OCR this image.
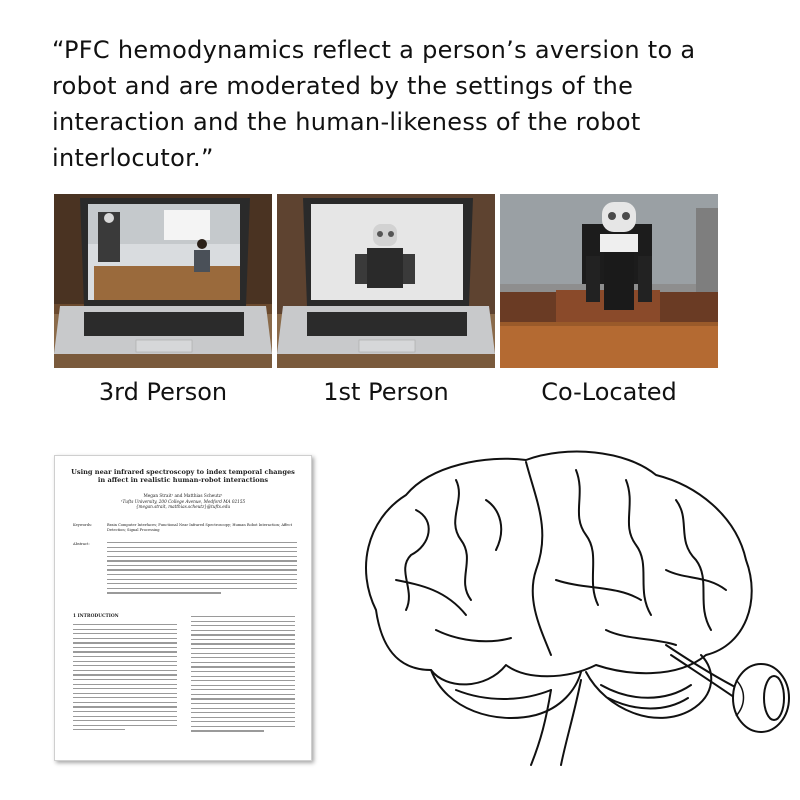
“PFC hemodynamics reflect a person’s aversion to a
robot and are moderated by the settings of the
interaction and the human-likeness of the robot
interlocutor.”
3rd Person	1st Person	Co-Located
Using near infrared spectroscopy to index temporal changes in affect in realistic human-robot interactions
Megan Strait¹ and Matthias Scheutz¹
¹Tufts University, 200 College Avenue, Medford MA 02155
{megan.strait, matthias.scheutz}@tufts.edu
Keywords:	Brain Computer Interfaces; Functional Near Infrared Spectroscopy; Human Robot Interaction; Affect Detection; Signal Processing
Abstract:
1 INTRODUCTION
